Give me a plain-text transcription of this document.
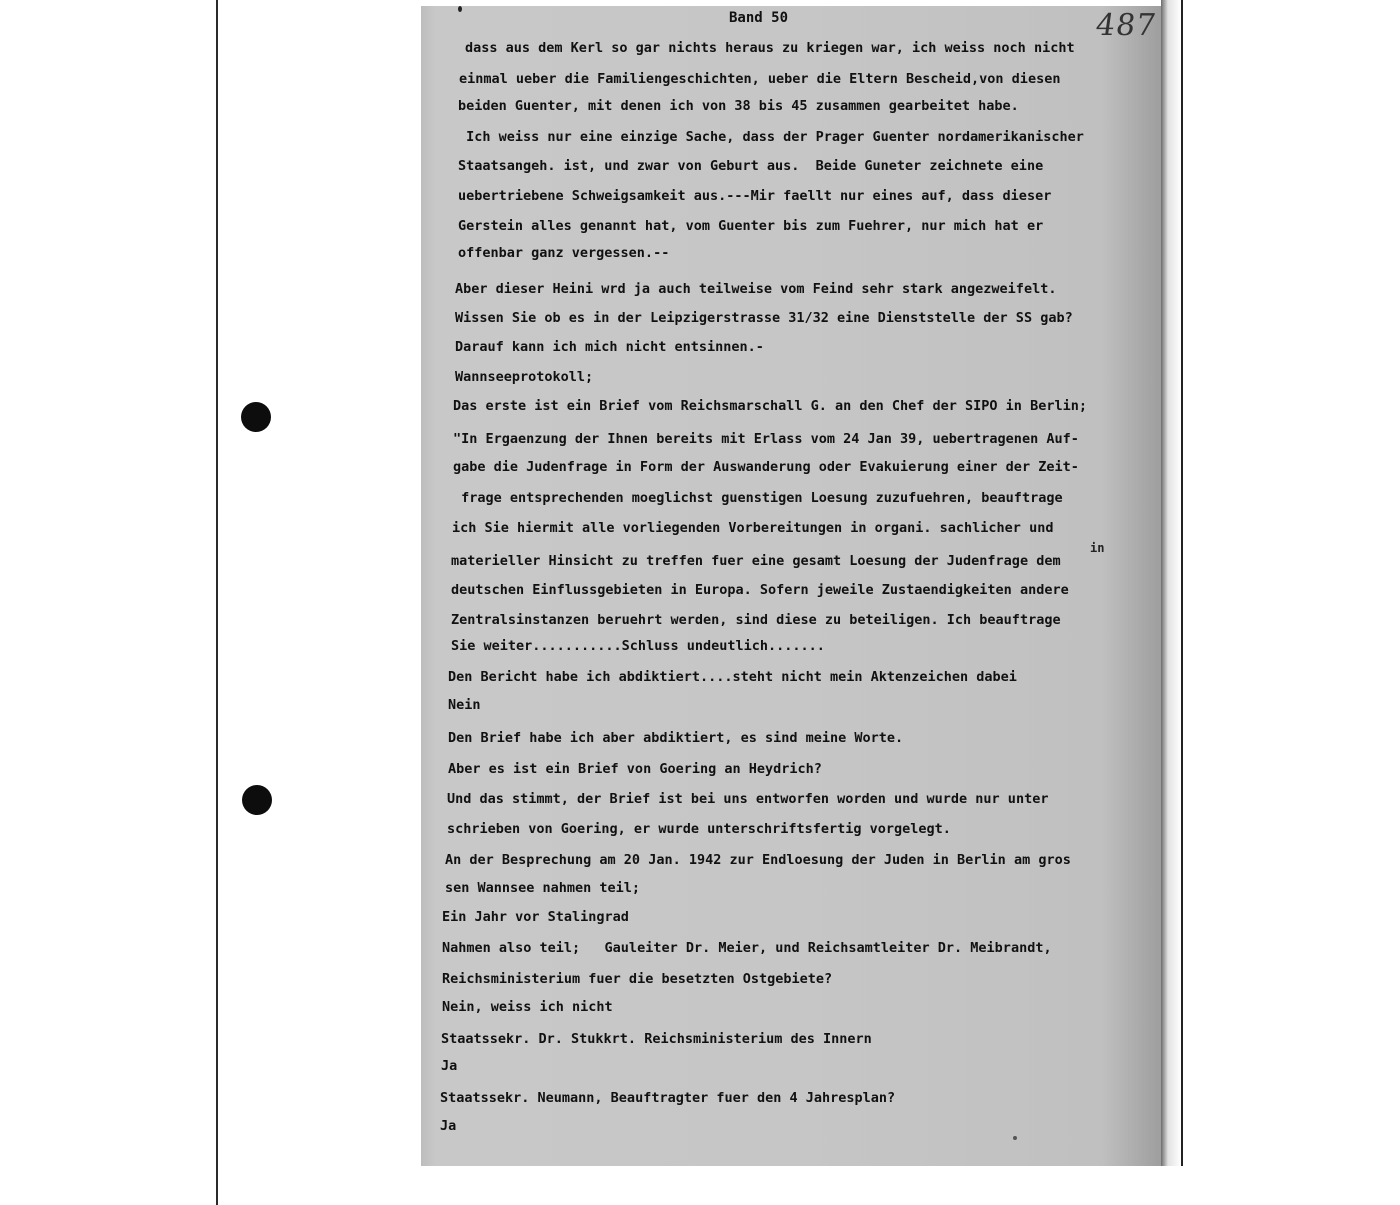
Band 50	487
dass aus dem Kerl so gar nichts heraus zu kriegen war, ich weiss noch nicht
einmal ueber die Familiengeschichten, ueber die Eltern Bescheid,von diesen
beiden Guenter, mit denen ich von 38 bis 45 zusammen gearbeitet habe.
Ich weiss nur eine einzige Sache, dass der Prager Guenter nordamerikanischer
Staatsangeh. ist, und zwar von Geburt aus.  Beide Guneter zeichnete eine
uebertriebene Schweigsamkeit aus.---Mir faellt nur eines auf, dass dieser
Gerstein alles genannt hat, vom Guenter bis zum Fuehrer, nur mich hat er
offenbar ganz vergessen.--
Aber dieser Heini wrd ja auch teilweise vom Feind sehr stark angezweifelt.
Wissen Sie ob es in der Leipzigerstrasse 31/32 eine Dienststelle der SS gab?
Darauf kann ich mich nicht entsinnen.-
Wannseeprotokoll;
Das erste ist ein Brief vom Reichsmarschall G. an den Chef der SIPO in Berlin;
"In Ergaenzung der Ihnen bereits mit Erlass vom 24 Jan 39, uebertragenen Auf-
gabe die Judenfrage in Form der Auswanderung oder Evakuierung einer der Zeit-
frage entsprechenden moeglichst guenstigen Loesung zuzufuehren, beauftrage
ich Sie hiermit alle vorliegenden Vorbereitungen in organi. sachlicher und
in
materieller Hinsicht zu treffen fuer eine gesamt Loesung der Judenfrage dem
deutschen Einflussgebieten in Europa. Sofern jeweile Zustaendigkeiten andere
Zentralsinstanzen beruehrt werden, sind diese zu beteiligen. Ich beauftrage
Sie weiter...........Schluss undeutlich.......
Den Bericht habe ich abdiktiert....steht nicht mein Aktenzeichen dabei
Nein
Den Brief habe ich aber abdiktiert, es sind meine Worte.
Aber es ist ein Brief von Goering an Heydrich?
Und das stimmt, der Brief ist bei uns entworfen worden und wurde nur unter
schrieben von Goering, er wurde unterschriftsfertig vorgelegt.
An der Besprechung am 20 Jan. 1942 zur Endloesung der Juden in Berlin am gros
sen Wannsee nahmen teil;
Ein Jahr vor Stalingrad
Nahmen also teil;   Gauleiter Dr. Meier, und Reichsamtleiter Dr. Meibrandt,
Reichsministerium fuer die besetzten Ostgebiete?
Nein, weiss ich nicht
Staatssekr. Dr. Stukkrt. Reichsministerium des Innern
Ja
Staatssekr. Neumann, Beauftragter fuer den 4 Jahresplan?
Ja
